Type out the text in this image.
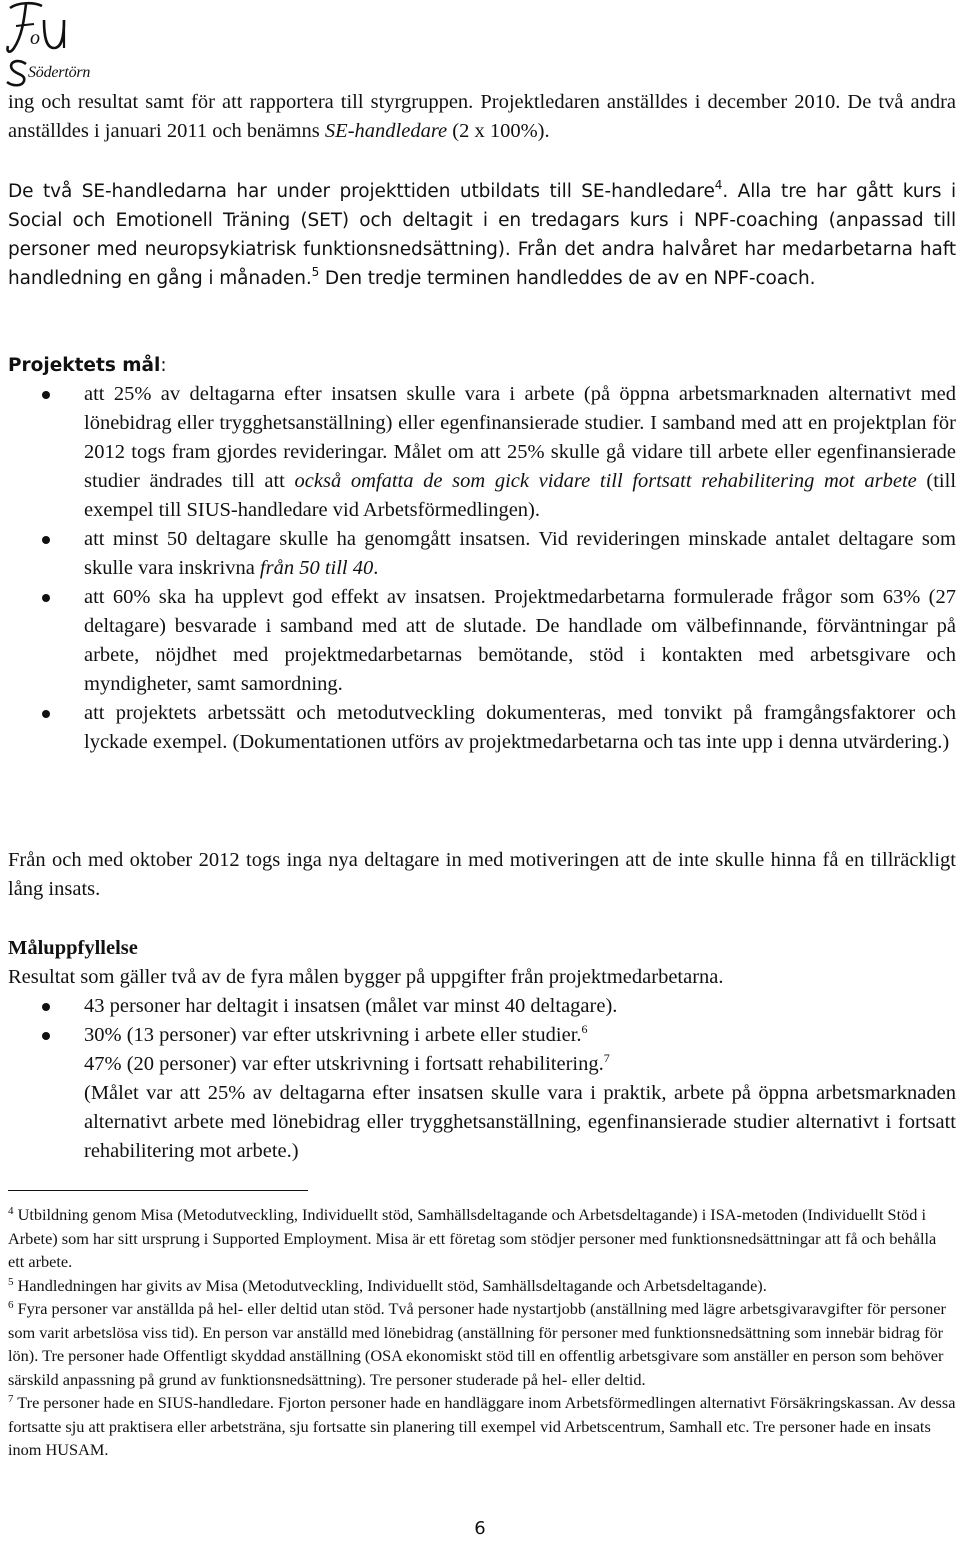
o
Södertörn

ing och resultat samt för att rapportera till styrgruppen. Projektledaren anställdes i december 2010. De två andra anställdes i januari 2011 och benämns SE-handledare (2 x 100%).

De två SE-handledarna har under projekttiden utbildats till SE-handledare$^4$. Alla tre har gått kurs i Social och Emotionell Träning (SET) och deltagit i en tredagars kurs i NPF-coaching (anpassad till personer med neuropsykiatrisk funktionsnedsättning). Från det andra halvåret har medarbetarna haft handledning en gång i månaden.$^5$ Den tredje terminen handleddes de av en NPF-coach.

Projektets mål:

att 25% av deltagarna efter insatsen skulle vara i arbete (på öppna arbetsmarknaden alternativt med lönebidrag eller trygghetsanställning) eller egenfinansierade studier. I samband med att en projektplan för 2012 togs fram gjordes revideringar. Målet om att 25% skulle gå vidare till arbete eller egenfinansierade studier ändrades till att också omfatta de som gick vidare till fortsatt rehabilitering mot arbete (till exempel till SIUS-handledare vid Arbetsförmedlingen).
att minst 50 deltagare skulle ha genomgått insatsen. Vid revideringen minskade antalet deltagare som skulle vara inskrivna från 50 till 40.
att 60% ska ha upplevt god effekt av insatsen. Projektmedarbetarna formulerade frågor som 63% (27 deltagare) besvarade i samband med att de slutade. De handlade om välbefinnande, förväntningar på arbete, nöjdhet med projektmedarbetarnas bemötande, stöd i kontakten med arbetsgivare och myndigheter, samt samordning.
att projektets arbetssätt och metodutveckling dokumenteras, med tonvikt på framgångsfaktorer och lyckade exempel. (Dokumentationen utförs av projektmedarbetarna och tas inte upp i denna utvärdering.)

Från och med oktober 2012 togs inga nya deltagare in med motiveringen att de inte skulle hinna få en tillräckligt lång insats.

Måluppfyllelse

Resultat som gäller två av de fyra målen bygger på uppgifter från projektmedarbetarna.

43 personer har deltagit i insatsen (målet var minst 40 deltagare).
30% (13 personer) var efter utskrivning i arbete eller studier.$^6$
47% (20 personer) var efter utskrivning i fortsatt rehabilitering.$^7$
(Målet var att 25% av deltagarna efter insatsen skulle vara i praktik, arbete på öppna arbetsmarknaden alternativt arbete med lönebidrag eller trygghetsanställning, egenfinansierade studier alternativt i fortsatt rehabilitering mot arbete.)

$^4$ Utbildning genom Misa (Metodutveckling, Individuellt stöd, Samhällsdeltagande och Arbetsdeltagande) i ISA-metoden (Individuellt Stöd i Arbete) som har sitt ursprung i Supported Employment. Misa är ett företag som stödjer personer med funktionsnedsättningar att få och behålla ett arbete.

$^5$ Handledningen har givits av Misa (Metodutveckling, Individuellt stöd, Samhällsdeltagande och Arbetsdeltagande).

$^6$ Fyra personer var anställda på hel- eller deltid utan stöd. Två personer hade nystartjobb (anställning med lägre arbetsgivaravgifter för personer som varit arbetslösa viss tid). En person var anställd med lönebidrag (anställning för personer med funktionsnedsättning som innebär bidrag för lön). Tre personer hade Offentligt skyddad anställning (OSA ekonomiskt stöd till en offentlig arbetsgivare som anställer en person som behöver särskild anpassning på grund av funktionsnedsättning). Tre personer studerade på hel- eller deltid.

$^7$ Tre personer hade en SIUS-handledare. Fjorton personer hade en handläggare inom Arbetsförmedlingen alternativt Försäkringskassan. Av dessa fortsatte sju att praktisera eller arbetsträna, sju fortsatte sin planering till exempel vid Arbetscentrum, Samhall etc. Tre personer hade en insats inom HUSAM.

6
